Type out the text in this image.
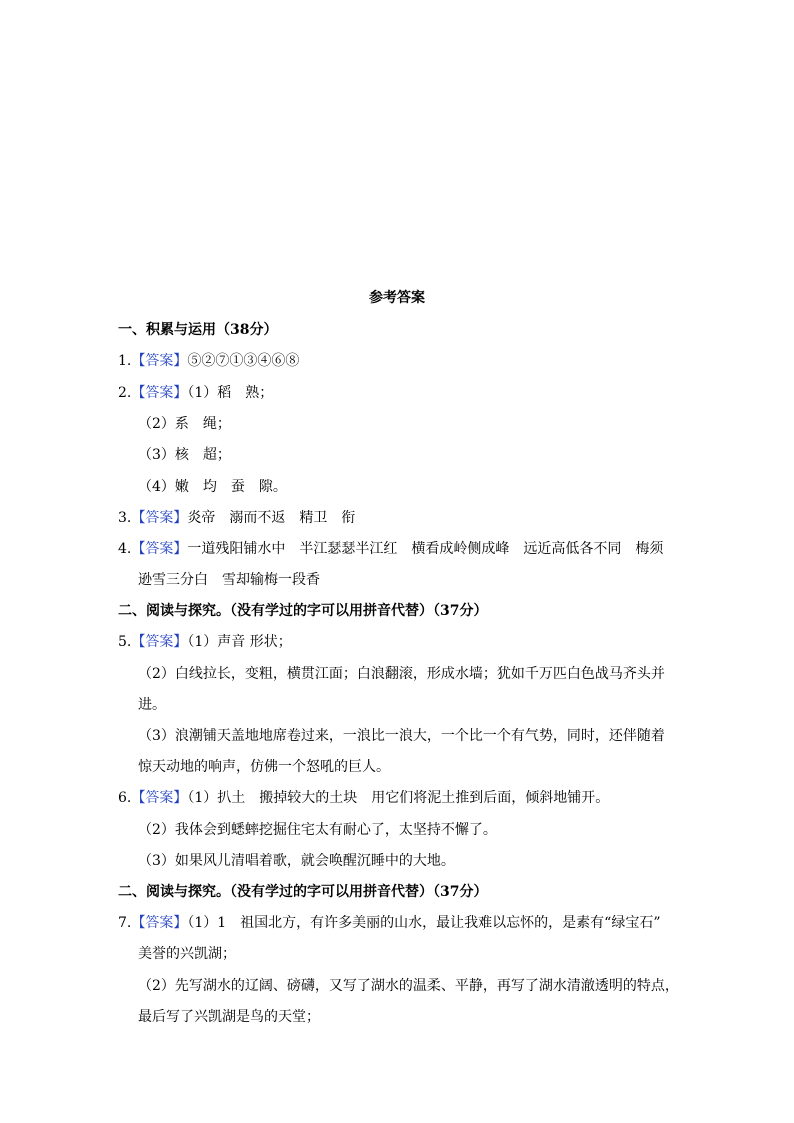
参考答案
一、积累与运用（38分）
1.【答案】⑤②⑦①③④⑥⑧
2.【答案】（1）稻　熟；
（2）系　绳；
（3）核　超；
（4）嫩　均　蚕　隙。
3.【答案】炎帝　溺而不返　精卫　衔
4.【答案】一道残阳铺水中　半江瑟瑟半江红　横看成岭侧成峰　远近高低各不同　梅须
逊雪三分白　雪却输梅一段香
二、阅读与探究。（没有学过的字可以用拼音代替）（37分）
5.【答案】（1）声音 形状；
（2）白线拉长，变粗，横贯江面；白浪翻滚，形成水墙；犹如千万匹白色战马齐头并
进。
（3）浪潮铺天盖地地席卷过来，一浪比一浪大，一个比一个有气势，同时，还伴随着
惊天动地的响声，仿佛一个怒吼的巨人。
6.【答案】（1）扒土　搬掉较大的土块　用它们将泥土推到后面，倾斜地铺开。
（2）我体会到蟋蟀挖掘住宅太有耐心了，太坚持不懈了。
（3）如果风儿清唱着歌，就会唤醒沉睡中的大地。
二、阅读与探究。（没有学过的字可以用拼音代替）（37分）
7.【答案】（1）1　祖国北方，有许多美丽的山水，最让我难以忘怀的，是素有“绿宝石”
美誉的兴凯湖；
（2）先写湖水的辽阔、磅礴，又写了湖水的温柔、平静，再写了湖水清澈透明的特点，
最后写了兴凯湖是鸟的天堂；
